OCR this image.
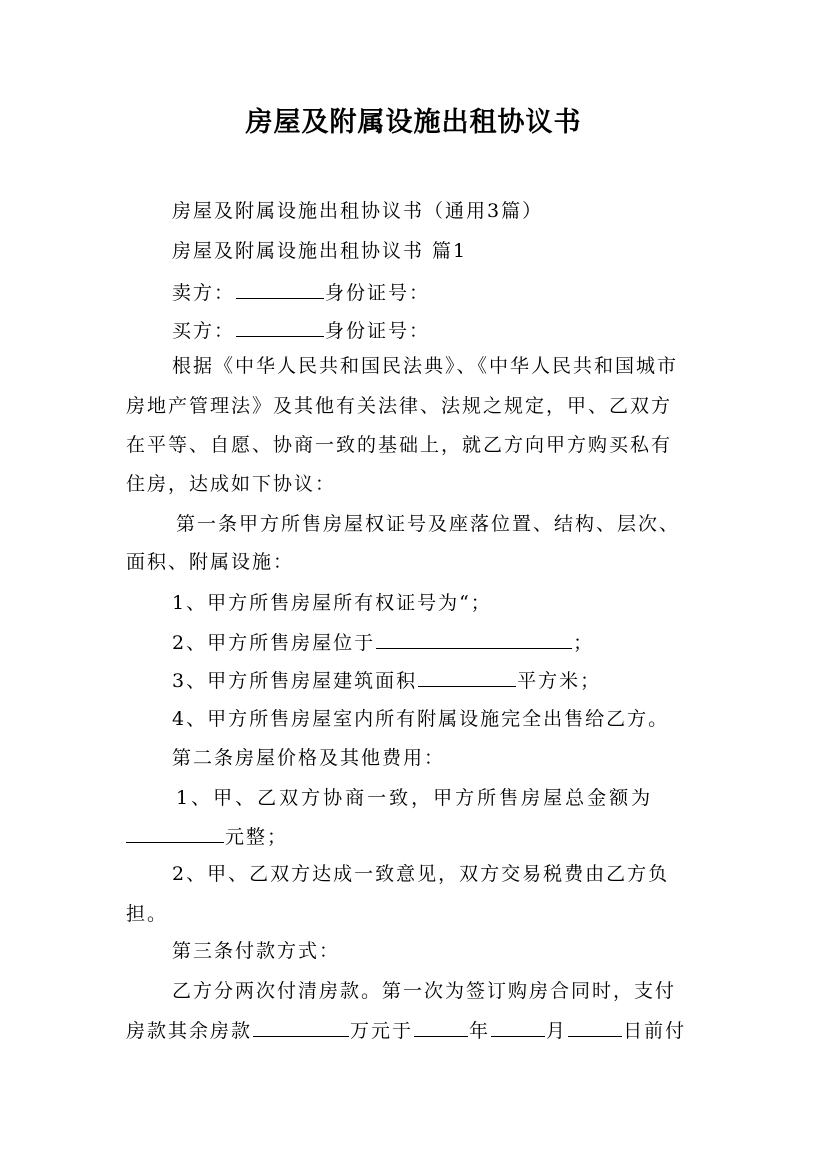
房屋及附属设施出租协议书
房屋及附属设施出租协议书（通用3篇）
房屋及附属设施出租协议书 篇1
卖方：	身份证号：
买方：	身份证号：
根据《中华人民共和国民法典》、《中华人民共和国城市
房地产管理法》及其他有关法律、法规之规定，甲、乙双方
在平等、自愿、协商一致的基础上，就乙方向甲方购买私有
住房，达成如下协议：
第一条甲方所售房屋权证号及座落位置、结构、层次、
面积、附属设施：
1、甲方所售房屋所有权证号为“；
2、甲方所售房屋位于	；
3、甲方所售房屋建筑面积	平方米；
4、甲方所售房屋室内所有附属设施完全出售给乙方。
第二条房屋价格及其他费用：
1、甲、乙双方协商一致，甲方所售房屋总金额为
元整；
2、甲、乙双方达成一致意见，双方交易税费由乙方负
担。
第三条付款方式：
乙方分两次付清房款。第一次为签订购房合同时，支付
房款其余房款	万元于	年	月	日前付
